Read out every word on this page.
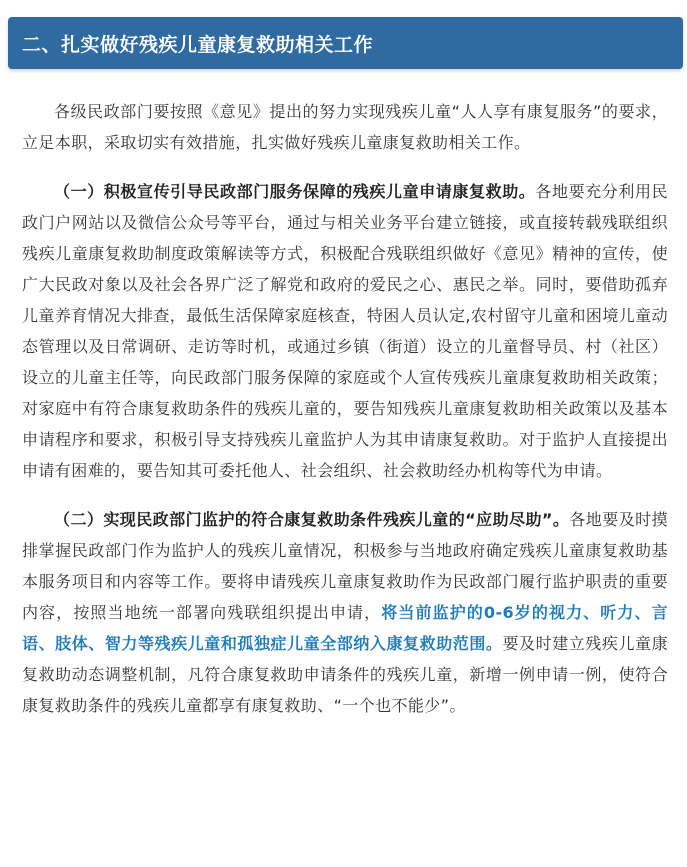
二、扎实做好残疾儿童康复救助相关工作

各级民政部门要按照《意见》提出的努力实现残疾儿童“人人享有康复服务”的要求，立足本职，采取切实有效措施，扎实做好残疾儿童康复救助相关工作。

（一）积极宣传引导民政部门服务保障的残疾儿童申请康复救助。各地要充分利用民政门户网站以及微信公众号等平台，通过与相关业务平台建立链接，或直接转载残联组织残疾儿童康复救助制度政策解读等方式，积极配合残联组织做好《意见》精神的宣传，使广大民政对象以及社会各界广泛了解党和政府的爱民之心、惠民之举。同时，要借助孤弃儿童养育情况大排查，最低生活保障家庭核查，特困人员认定,农村留守儿童和困境儿童动态管理以及日常调研、走访等时机，或通过乡镇（街道）设立的儿童督导员、村（社区）设立的儿童主任等，向民政部门服务保障的家庭或个人宣传残疾儿童康复救助相关政策；对家庭中有符合康复救助条件的残疾儿童的，要告知残疾儿童康复救助相关政策以及基本申请程序和要求，积极引导支持残疾儿童监护人为其申请康复救助。对于监护人直接提出申请有困难的，要告知其可委托他人、社会组织、社会救助经办机构等代为申请。

（二）实现民政部门监护的符合康复救助条件残疾儿童的“应助尽助”。各地要及时摸排掌握民政部门作为监护人的残疾儿童情况，积极参与当地政府确定残疾儿童康复救助基本服务项目和内容等工作。要将申请残疾儿童康复救助作为民政部门履行监护职责的重要内容，按照当地统一部署向残联组织提出申请，将当前监护的0-6岁的视力、听力、言语、肢体、智力等残疾儿童和孤独症儿童全部纳入康复救助范围。要及时建立残疾儿童康复救助动态调整机制，凡符合康复救助申请条件的残疾儿童，新增一例申请一例，使符合康复救助条件的残疾儿童都享有康复救助、“一个也不能少”。
